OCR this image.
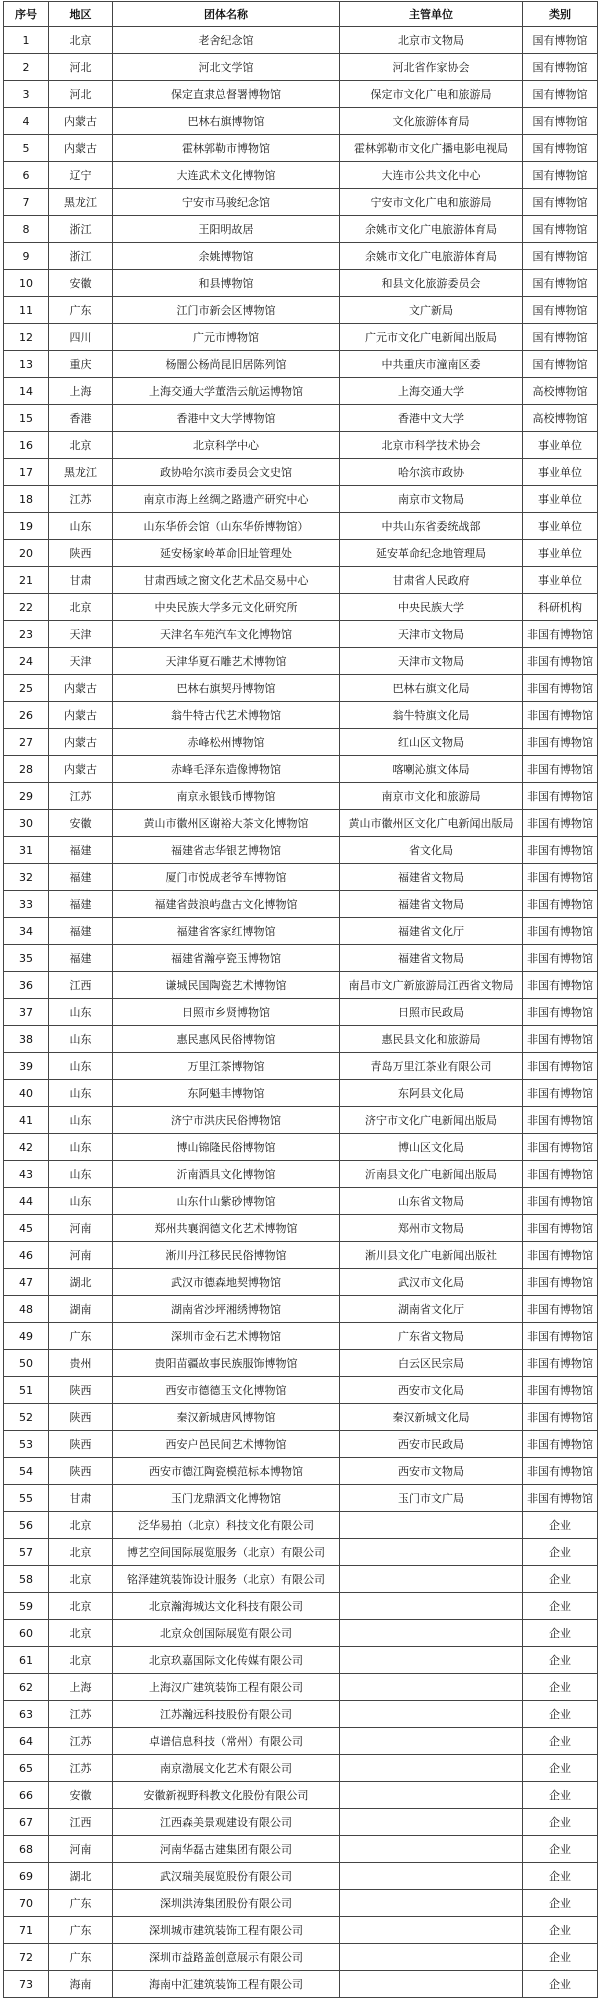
序号	地区	团体名称	主管单位	类别
1	北京	老舍纪念馆	北京市文物局	国有博物馆
2	河北	河北文学馆	河北省作家协会	国有博物馆
3	河北	保定直隶总督署博物馆	保定市文化广电和旅游局	国有博物馆
4	内蒙古	巴林右旗博物馆	文化旅游体育局	国有博物馆
5	内蒙古	霍林郭勒市博物馆	霍林郭勒市文化广播电影电视局	国有博物馆
6	辽宁	大连武术文化博物馆	大连市公共文化中心	国有博物馆
7	黑龙江	宁安市马骏纪念馆	宁安市文化广电和旅游局	国有博物馆
8	浙江	王阳明故居	余姚市文化广电旅游体育局	国有博物馆
9	浙江	余姚博物馆	余姚市文化广电旅游体育局	国有博物馆
10	安徽	和县博物馆	和县文化旅游委员会	国有博物馆
11	广东	江门市新会区博物馆	文广新局	国有博物馆
12	四川	广元市博物馆	广元市文化广电新闻出版局	国有博物馆
13	重庆	杨闇公杨尚昆旧居陈列馆	中共重庆市潼南区委	国有博物馆
14	上海	上海交通大学董浩云航运博物馆	上海交通大学	高校博物馆
15	香港	香港中文大学博物馆	香港中文大学	高校博物馆
16	北京	北京科学中心	北京市科学技术协会	事业单位
17	黑龙江	政协哈尔滨市委员会文史馆	哈尔滨市政协	事业单位
18	江苏	南京市海上丝绸之路遗产研究中心	南京市文物局	事业单位
19	山东	山东华侨会馆（山东华侨博物馆）	中共山东省委统战部	事业单位
20	陕西	延安杨家岭革命旧址管理处	延安革命纪念地管理局	事业单位
21	甘肃	甘肃西域之窗文化艺术品交易中心	甘肃省人民政府	事业单位
22	北京	中央民族大学多元文化研究所	中央民族大学	科研机构
23	天津	天津名车苑汽车文化博物馆	天津市文物局	非国有博物馆
24	天津	天津华夏石雕艺术博物馆	天津市文物局	非国有博物馆
25	内蒙古	巴林右旗契丹博物馆	巴林右旗文化局	非国有博物馆
26	内蒙古	翁牛特古代艺术博物馆	翁牛特旗文化局	非国有博物馆
27	内蒙古	赤峰松州博物馆	红山区文物局	非国有博物馆
28	内蒙古	赤峰毛泽东造像博物馆	喀喇沁旗文体局	非国有博物馆
29	江苏	南京永银钱币博物馆	南京市文化和旅游局	非国有博物馆
30	安徽	黄山市徽州区谢裕大茶文化博物馆	黄山市徽州区文化广电新闻出版局	非国有博物馆
31	福建	福建省志华银艺博物馆	省文化局	非国有博物馆
32	福建	厦门市悦成老爷车博物馆	福建省文物局	非国有博物馆
33	福建	福建省鼓浪屿盘古文化博物馆	福建省文物局	非国有博物馆
34	福建	福建省客家红博物馆	福建省文化厅	非国有博物馆
35	福建	福建省瀚亭瓷玉博物馆	福建省文物局	非国有博物馆
36	江西	谦城民国陶瓷艺术博物馆	南昌市文广新旅游局江西省文物局	非国有博物馆
37	山东	日照市乡贤博物馆	日照市民政局	非国有博物馆
38	山东	惠民惠风民俗博物馆	惠民县文化和旅游局	非国有博物馆
39	山东	万里江茶博物馆	青岛万里江茶业有限公司	非国有博物馆
40	山东	东阿魁丰博物馆	东阿县文化局	非国有博物馆
41	山东	济宁市洪庆民俗博物馆	济宁市文化广电新闻出版局	非国有博物馆
42	山东	博山锦隆民俗博物馆	博山区文化局	非国有博物馆
43	山东	沂南酒具文化博物馆	沂南县文化广电新闻出版局	非国有博物馆
44	山东	山东什山紫砂博物馆	山东省文物局	非国有博物馆
45	河南	郑州共襄润德文化艺术博物馆	郑州市文物局	非国有博物馆
46	河南	淅川丹江移民民俗博物馆	淅川县文化广电新闻出版社	非国有博物馆
47	湖北	武汉市德森地契博物馆	武汉市文化局	非国有博物馆
48	湖南	湖南省沙坪湘绣博物馆	湖南省文化厅	非国有博物馆
49	广东	深圳市金石艺术博物馆	广东省文物局	非国有博物馆
50	贵州	贵阳苗疆故事民族服饰博物馆	白云区民宗局	非国有博物馆
51	陕西	西安市德德玉文化博物馆	西安市文化局	非国有博物馆
52	陕西	秦汉新城唐风博物馆	秦汉新城文化局	非国有博物馆
53	陕西	西安户邑民间艺术博物馆	西安市民政局	非国有博物馆
54	陕西	西安市德江陶瓷模范标本博物馆	西安市文物局	非国有博物馆
55	甘肃	玉门龙鼎酒文化博物馆	玉门市文广局	非国有博物馆
56	北京	泛华易拍（北京）科技文化有限公司		企业
57	北京	博艺空间国际展览服务（北京）有限公司		企业
58	北京	铭泽建筑装饰设计服务（北京）有限公司		企业
59	北京	北京瀚海城达文化科技有限公司		企业
60	北京	北京众创国际展览有限公司		企业
61	北京	北京玖嘉国际文化传媒有限公司		企业
62	上海	上海汉广建筑装饰工程有限公司		企业
63	江苏	江苏瀚远科技股份有限公司		企业
64	江苏	卓谱信息科技（常州）有限公司		企业
65	江苏	南京渤展文化艺术有限公司		企业
66	安徽	安徽新视野科教文化股份有限公司		企业
67	江西	江西森美景观建设有限公司		企业
68	河南	河南华磊古建集团有限公司		企业
69	湖北	武汉瑞美展览股份有限公司		企业
70	广东	深圳洪涛集团股份有限公司		企业
71	广东	深圳城市建筑装饰工程有限公司		企业
72	广东	深圳市益路盖创意展示有限公司		企业
73	海南	海南中汇建筑装饰工程有限公司		企业
